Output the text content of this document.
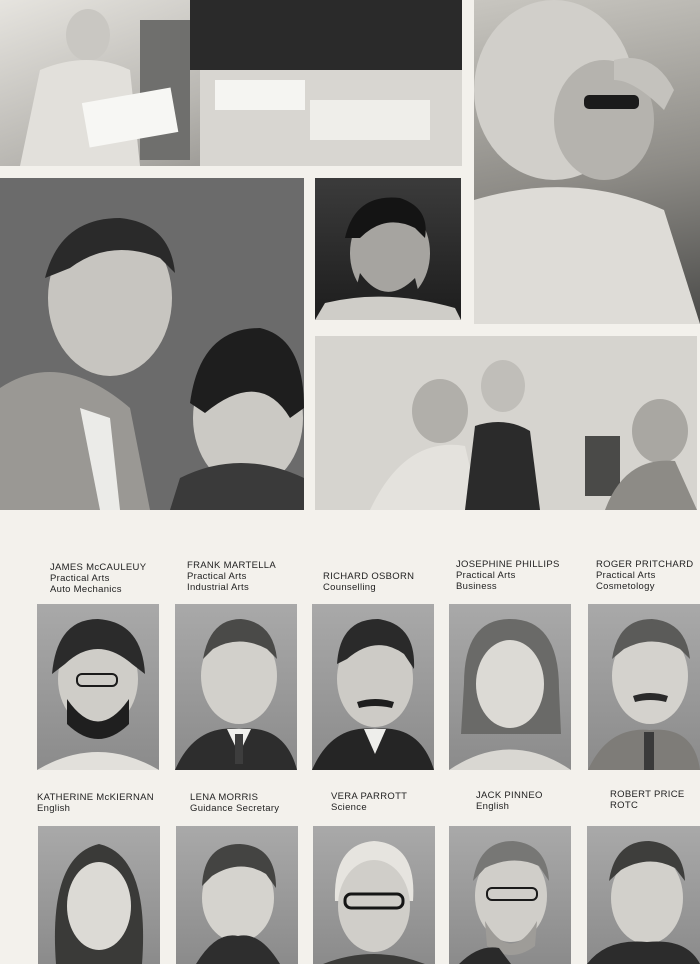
JAMES McCAULEUY
Practical Arts
Auto Mechanics
FRANK MARTELLA
Practical Arts
Industrial Arts
RICHARD OSBORN
Counselling
JOSEPHINE PHILLIPS
Practical Arts
Business
ROGER PRITCHARD
Practical Arts
Cosmetology
KATHERINE McKIERNAN
English
LENA MORRIS
Guidance Secretary
VERA PARROTT
Science
JACK PINNEO
English
ROBERT PRICE
ROTC
